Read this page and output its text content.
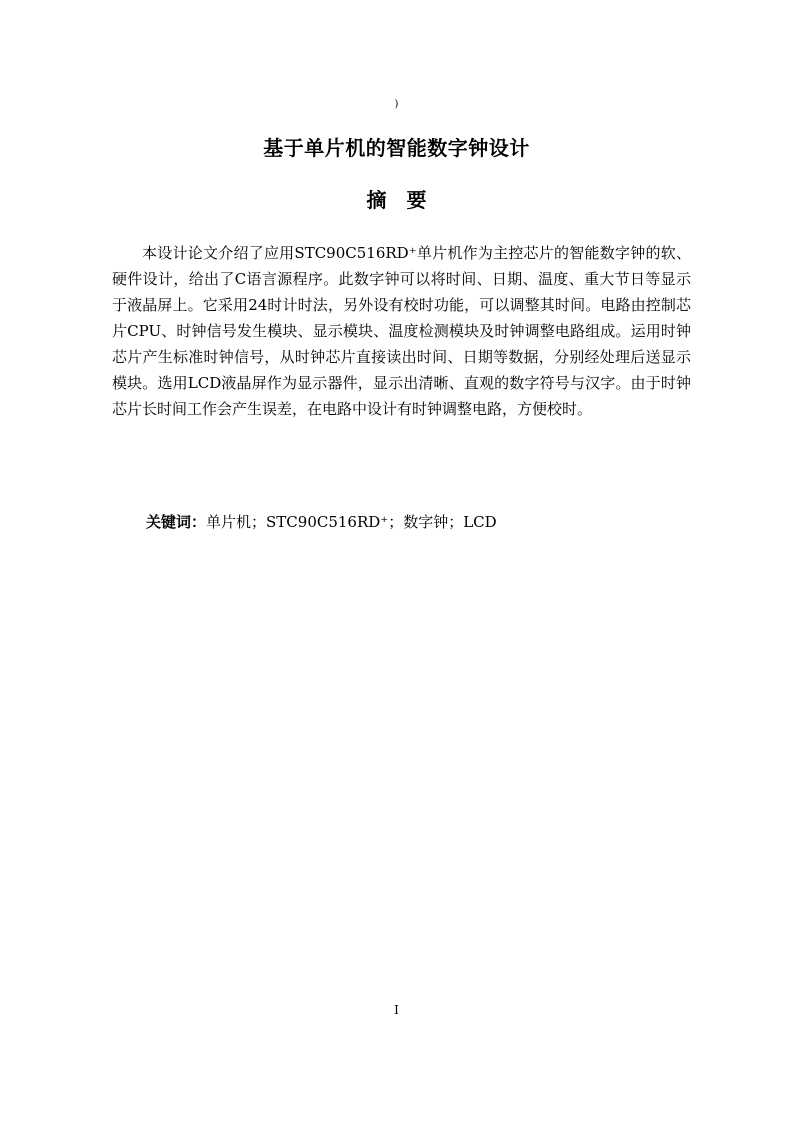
)
基于单片机的智能数字钟设计
摘要

本设计论文介绍了应用STC90C516RD⁺单片机作为主控芯片的智能数字钟的软、硬件设计，给出了C语言源程序。此数字钟可以将时间、日期、温度、重大节日等显示于液晶屏上。它采用24时计时法，另外设有校时功能，可以调整其时间。电路由控制芯片CPU、时钟信号发生模块、显示模块、温度检测模块及时钟调整电路组成。运用时钟芯片产生标准时钟信号，从时钟芯片直接读出时间、日期等数据，分别经处理后送显示模块。选用LCD液晶屏作为显示器件，显示出清晰、直观的数字符号与汉字。由于时钟芯片长时间工作会产生误差，在电路中设计有时钟调整电路，方便校时。

关键词：单片机；STC90C516RD⁺；数字钟；LCD
I
